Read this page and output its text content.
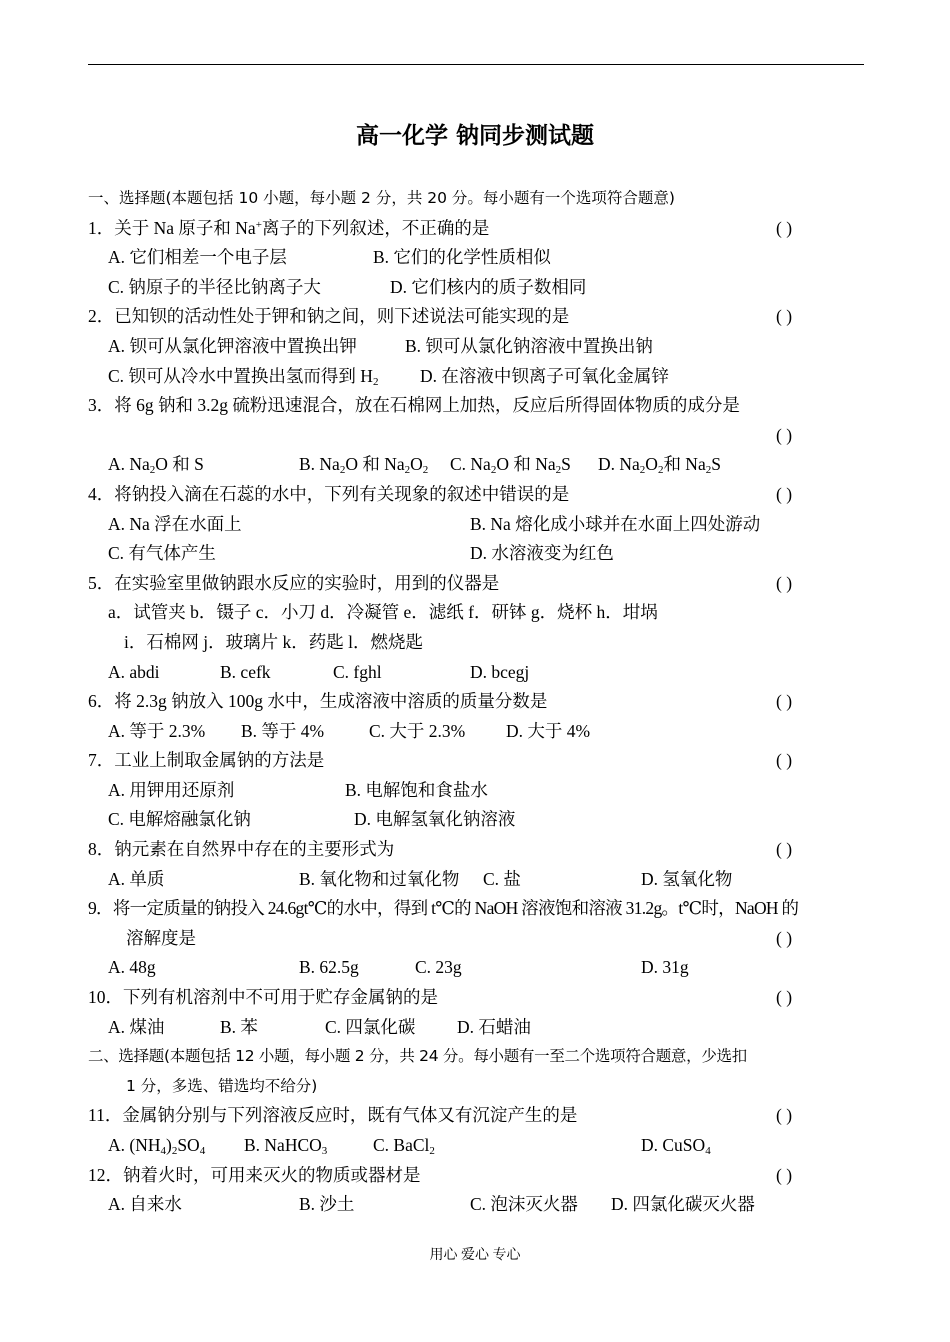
高一化学 钠同步测试题
一、选择题(本题包括 10 小题，每小题 2 分，共 20 分。每小题有一个选项符合题意)
1．关于 Na 原子和 Na+离子的下列叙述，不正确的是	( )
A. 它们相差一个电子层	B. 它们的化学性质相似
C. 钠原子的半径比钠离子大	D. 它们核内的质子数相同
2．已知钡的活动性处于钾和钠之间，则下述说法可能实现的是	( )
A. 钡可从氯化钾溶液中置换出钾	B. 钡可从氯化钠溶液中置换出钠
C. 钡可从冷水中置换出氢而得到 $H_2$ D. 在溶液中钡离子可氧化金属锌
3．将 6g 钠和 3.2g 硫粉迅速混合，放在石棉网上加热，反应后所得固体物质的成分是
( )
A. $Na_2O$ 和 S	B. $Na_2O$ 和 $Na_2O_2$ C. $Na_2O$ 和 $Na_2S$ D. $Na_2O_2$和 $Na_2S$
4．将钠投入滴在石蕊的水中，下列有关现象的叙述中错误的是	( )
A. Na 浮在水面上	B. Na 熔化成小球并在水面上四处游动
C. 有气体产生	D. 水溶液变为红色
5．在实验室里做钠跟水反应的实验时，用到的仪器是	( )
a．试管夹 b．镊子 c．小刀 d．冷凝管 e．滤纸 f．研钵 g．烧杯 h．坩埚
i．石棉网 j．玻璃片 k．药匙 l．燃烧匙
A. abdi	B. cefk	C. fghl	D. bcegj
6．将 2.3g 钠放入 100g 水中，生成溶液中溶质的质量分数是	( )
A. 等于 2.3% B. 等于 4%	C. 大于 2.3% D. 大于 4%
7．工业上制取金属钠的方法是	( )
A. 用钾用还原剂	B. 电解饱和食盐水
C. 电解熔融氯化钠	D. 电解氢氧化钠溶液
8．钠元素在自然界中存在的主要形式为	( )
A. 单质	B. 氧化物和过氧化物 C. 盐	D. 氢氧化物
9．将一定质量的钠投入 24.6gt℃的水中，得到 t℃的 NaOH 溶液饱和溶液 31.2g。t℃时，NaOH 的
溶解度是	( )
A. 48g	B. 62.5g	C. 23g	D. 31g
10．下列有机溶剂中不可用于贮存金属钠的是	( )
A. 煤油	B. 苯	C. 四氯化碳 D. 石蜡油
二、选择题(本题包括 12 小题，每小题 2 分，共 24 分。每小题有一至二个选项符合题意，少选扣
1 分，多选、错选均不给分)
11．金属钠分别与下列溶液反应时，既有气体又有沉淀产生的是	( )
A. $(NH_4)_2SO_4$ B. NaHCO$_3$	C. BaCl$_2$	D. CuSO$_4$
12．钠着火时，可用来灭火的物质或器材是	( )
A. 自来水	B. 沙土	C. 泡沫灭火器 D. 四氯化碳灭火器
用心 爱心 专心
